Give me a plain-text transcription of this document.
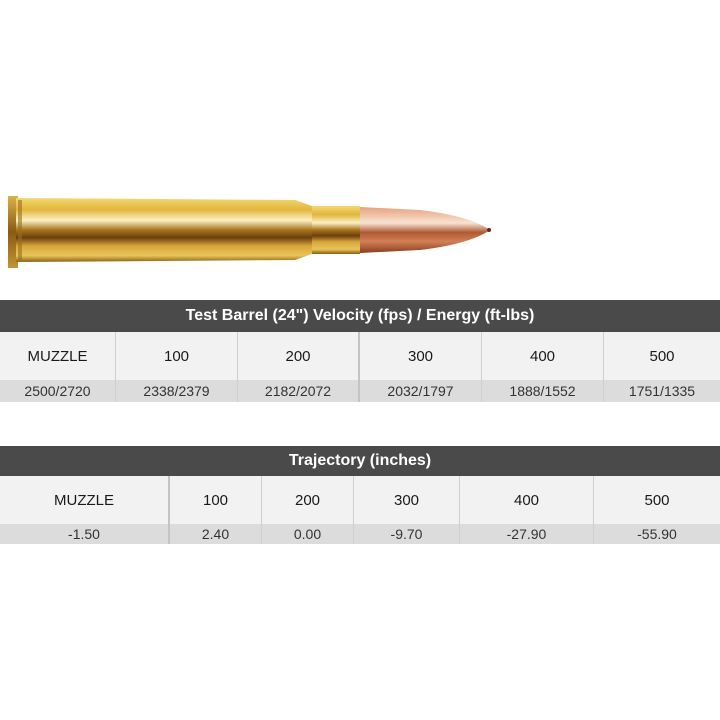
Test Barrel (24") Velocity (fps) / Energy (ft-lbs)
MUZZLE	100	200	300	400	500
2500/2720	2338/2379	2182/2072	2032/1797	1888/1552	1751/1335
Trajectory (inches)
MUZZLE	100	200	300	400	500
-1.50	2.40	0.00	-9.70	-27.90	-55.90
